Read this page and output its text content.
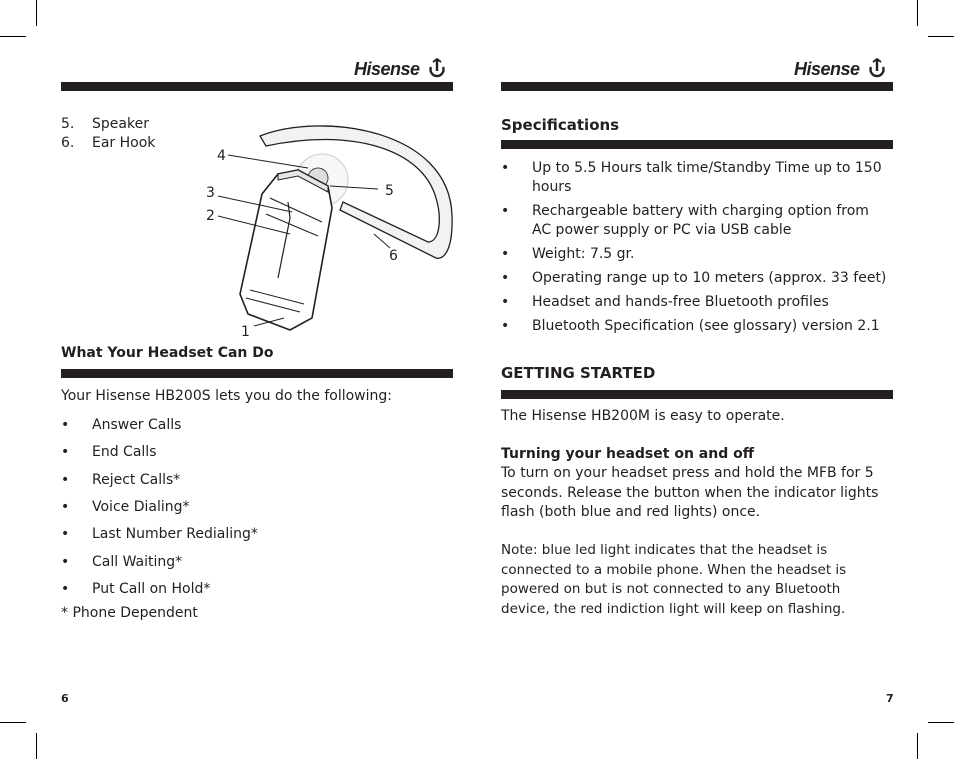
Hisense
5. Speaker
6. Ear Hook
4
3
2
5
6
1
What Your Headset Can Do
Your Hisense HB200S lets you do the following:
• Answer Calls
• End Calls
• Reject Calls*
• Voice Dialing*
• Last Number Redialing*
• Call Waiting*
• Put Call on Hold*
* Phone Dependent
6
Hisense
Specifications
• Up to 5.5 Hours talk time/Standby Time up to 150 hours
• Rechargeable battery with charging option from AC power supply or PC via USB cable
• Weight: 7.5 gr.
• Operating range up to 10 meters (approx. 33 feet)
• Headset and hands-free Bluetooth profiles
• Bluetooth Specification (see glossary) version 2.1
GETTING STARTED
The Hisense HB200M is easy to operate.
Turning your headset on and off
To turn on your headset press and hold the MFB for 5 seconds. Release the button when the indicator lights flash (both blue and red lights) once.
Note: blue led light indicates that the headset is connected to a mobile phone. When the headset is powered on but is not connected to any Bluetooth device, the red indiction light will keep on flashing.
7
